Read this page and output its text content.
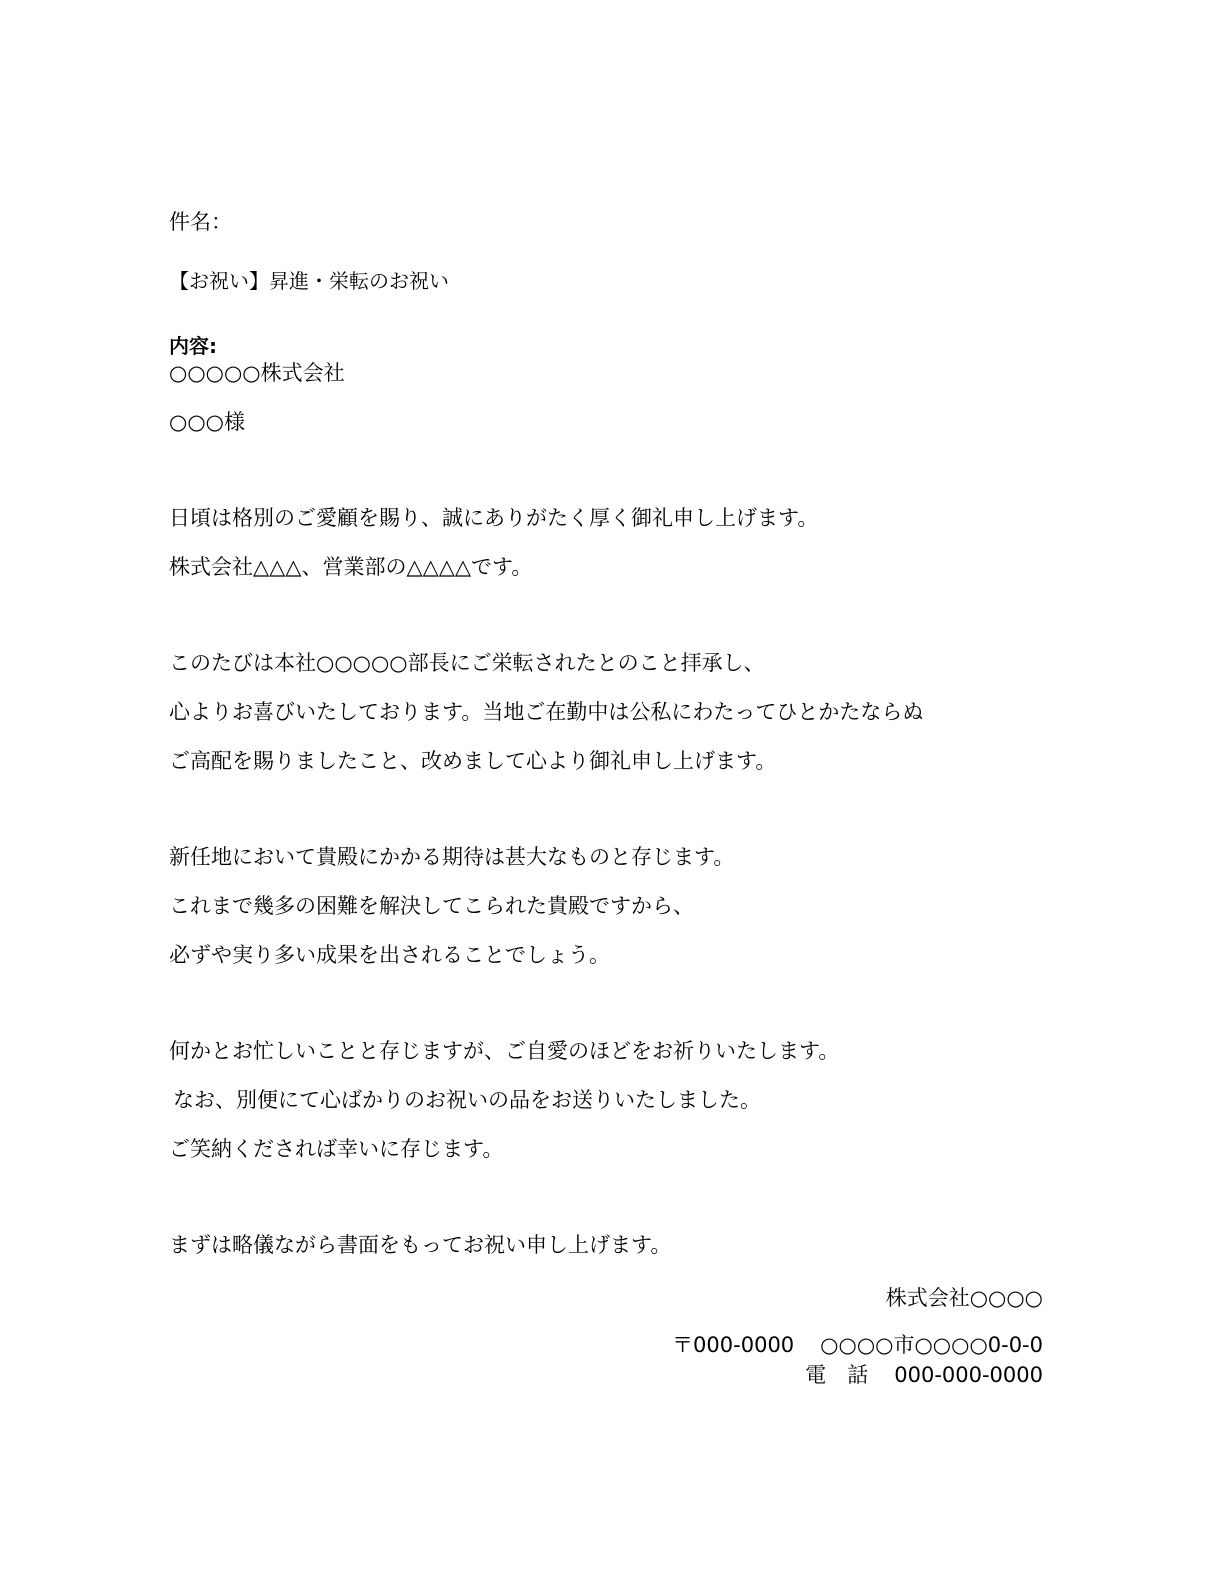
件名：
【お祝い】昇進・栄転のお祝い
内容:
○○○○○株式会社
○○○様
日頃は格別のご愛顧を賜り、誠にありがたく厚く御礼申し上げます。
株式会社△△△、営業部の△△△△です。
このたびは本社○○○○○部長にご栄転されたとのこと拝承し、
心よりお喜びいたしております。当地ご在勤中は公私にわたってひとかたならぬ
ご高配を賜りましたこと、改めまして心より御礼申し上げます。
新任地において貴殿にかかる期待は甚大なものと存じます。
これまで幾多の困難を解決してこられた貴殿ですから、
必ずや実り多い成果を出されることでしょう。
何かとお忙しいことと存じますが、ご自愛のほどをお祈りいたします。
なお、別便にて心ばかりのお祝いの品をお送りいたしました。
ご笑納くだされば幸いに存じます。
まずは略儀ながら書面をもってお祝い申し上げます。
株式会社○○○○
〒000-0000 ○○○○市○○○○0-0-0
電　話 000-000-0000
